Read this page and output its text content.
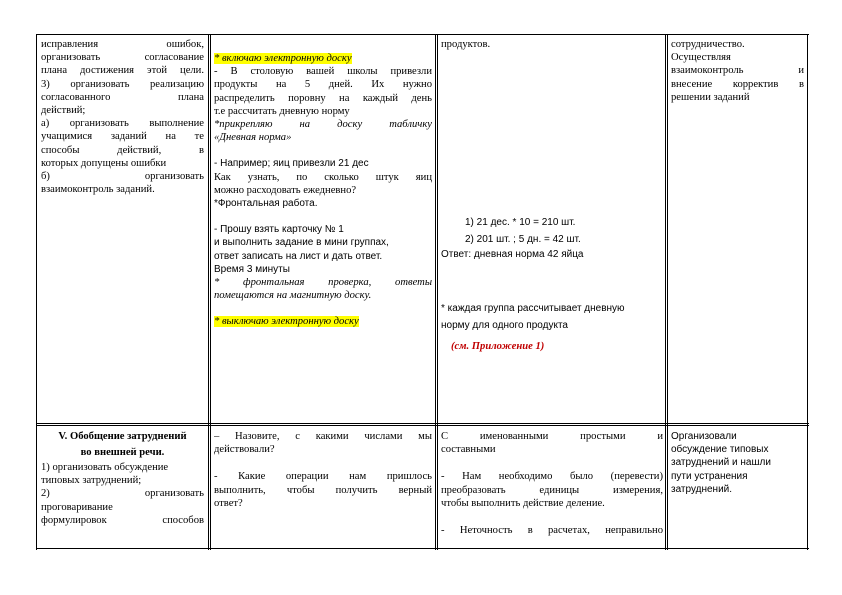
исправления ошибок,

организовать согласование

плана достижения этой цели.

3) организовать реализацию

согласованного плана

действий;

а) организовать выполнение

учащимися заданий на те

способы действий, в

которых допущены ошибки

б) организовать

взаимоконтроль заданий.

* включаю электронную доску

- В столовую вашей школы привезли

продукты на 5 дней. Их нужно

распределить поровну на каждый день

т.е рассчитать дневную норму

*прикрепляю на доску табличку

«Дневная норма»

- Например; яиц привезли 21 дес

Как узнать, по сколько штук яиц

можно расходовать ежедневно?

*Фронтальная работа.

- Прошу взять карточку № 1

и выполнить задание в мини группах,

ответ записать на лист и дать ответ.

Время 3 минуты

* фронтальная проверка, ответы

помещаются на магнитную доску.

* выключаю электронную доску

продуктов.

1) 21 дес. * 10 = 210 шт.

2) 201 шт. ; 5 дн. = 42 шт.

Ответ: дневная норма 42 яйца

* каждая группа рассчитывает дневную

норму для одного продукта

(см. Приложение 1)

сотрудничество.

Осуществляя

взаимоконтроль и

внесение корректив в

решении заданий

V. Обобщение затруднений

во внешней речи.

1) организовать обсуждение

типовых затруднений;

2) организовать

проговаривание

формулировок способов

– Назовите, с какими числами мы

действовали?

- Какие операции нам пришлось

выполнить, чтобы получить верный

ответ?

С именованными простыми и

составными

- Нам необходимо было (перевести)

преобразовать единицы измерения,

чтобы выполнить действие деление.

- Неточность в расчетах, неправильно

Организовали

обсуждение типовых

затруднений и нашли

пути устранения

затруднений.
